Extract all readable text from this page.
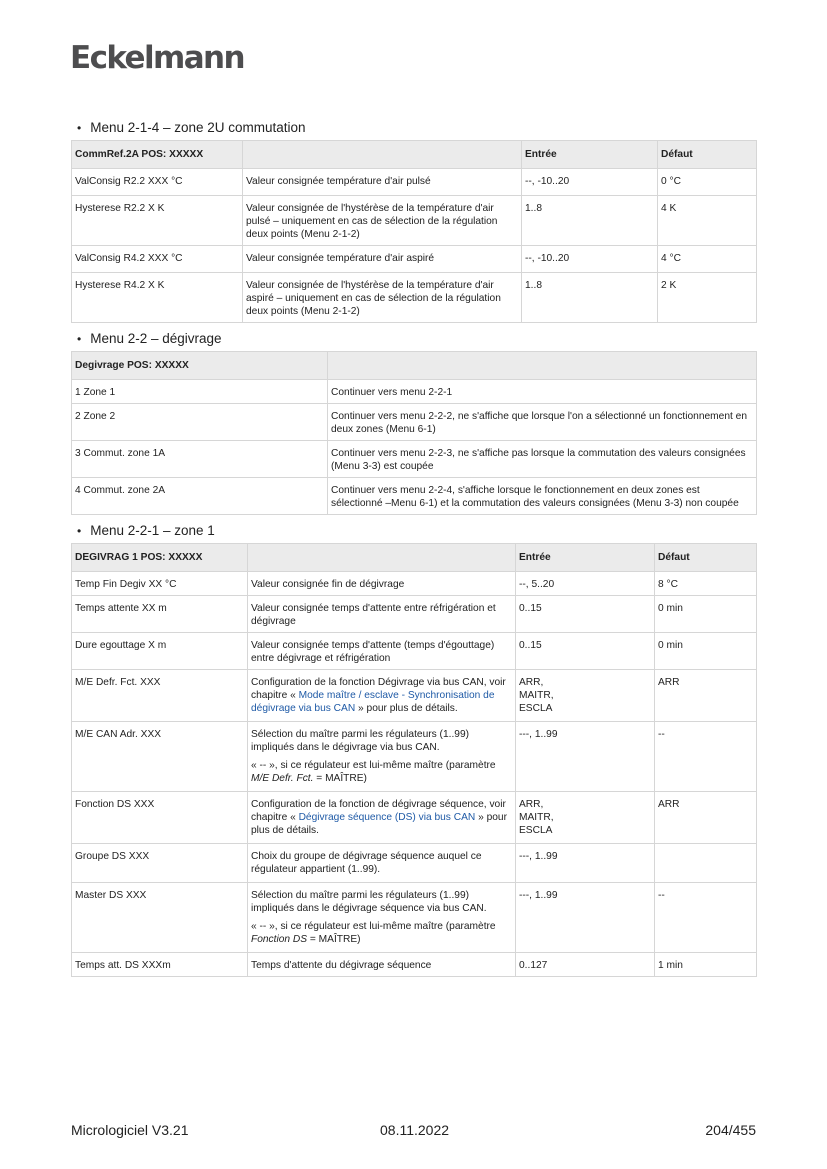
Eckelmann
• Menu 2-1-4 – zone 2U commutation
CommRef.2A POS: XXXXX		Entrée	Défaut
ValConsig R2.2 XXX °C	Valeur consignée température d'air pulsé	--, -10..20	0 °C
Hysterese R2.2 X K	Valeur consignée de l'hystérèse de la température d'air pulsé – uniquement en cas de sélection de la régulation deux points (Menu 2-1-2)	1..8	4 K
ValConsig R4.2 XXX °C	Valeur consignée température d'air aspiré	--, -10..20	4 °C
Hysterese R4.2 X K	Valeur consignée de l'hystérèse de la température d'air aspiré – uniquement en cas de sélection de la régulation deux points (Menu 2-1-2)	1..8	2 K
• Menu 2-2 – dégivrage
Degivrage POS: XXXXX	
1 Zone 1	Continuer vers menu 2-2-1
2 Zone 2	Continuer vers menu 2-2-2, ne s'affiche que lorsque l'on a sélectionné un fonctionnement en deux zones (Menu 6-1)
3 Commut. zone 1A	Continuer vers menu 2-2-3, ne s'affiche pas lorsque la commutation des valeurs consignées (Menu 3-3) est coupée
4 Commut. zone 2A	Continuer vers menu 2-2-4, s'affiche lorsque le fonctionnement en deux zones est sélectionné –Menu 6-1) et la commutation des valeurs consignées (Menu 3-3) non coupée
• Menu 2-2-1 – zone 1
DEGIVRAG 1 POS: XXXXX		Entrée	Défaut
Temp Fin Degiv XX °C	Valeur consignée fin de dégivrage	--, 5..20	8 °C
Temps attente XX m	Valeur consignée temps d'attente entre réfrigération et dégivrage	0..15	0 min
Dure egouttage X m	Valeur consignée temps d'attente (temps d'égouttage) entre dégivrage et réfrigération	0..15	0 min
M/E Defr. Fct. XXX	Configuration de la fonction Dégivrage via bus CAN, voir chapitre « Mode maître / esclave - Synchronisation de dégivrage via bus CAN » pour plus de détails.	ARR,
MAITR,
ESCLA	ARR
M/E CAN Adr. XXX	Sélection du maître parmi les régulateurs (1..99) impliqués dans le dégivrage via bus CAN.

« -- », si ce régulateur est lui-même maître (paramètre M/E Defr. Fct. = MAÎTRE)	---, 1..99	--
Fonction DS XXX	Configuration de la fonction de dégivrage séquence, voir chapitre « Dégivrage séquence (DS) via bus CAN » pour plus de détails.	ARR,
MAITR,
ESCLA	ARR
Groupe DS XXX	Choix du groupe de dégivrage séquence auquel ce régulateur appartient (1..99).	---, 1..99	
Master DS XXX	Sélection du maître parmi les régulateurs (1..99) impliqués dans le dégivrage séquence via bus CAN.

« -- », si ce régulateur est lui-même maître (paramètre Fonction DS = MAÎTRE)	---, 1..99	--
Temps att. DS XXXm	Temps d'attente du dégivrage séquence	0..127	1 min
Micrologiciel V3.21	08.11.2022	204/455
